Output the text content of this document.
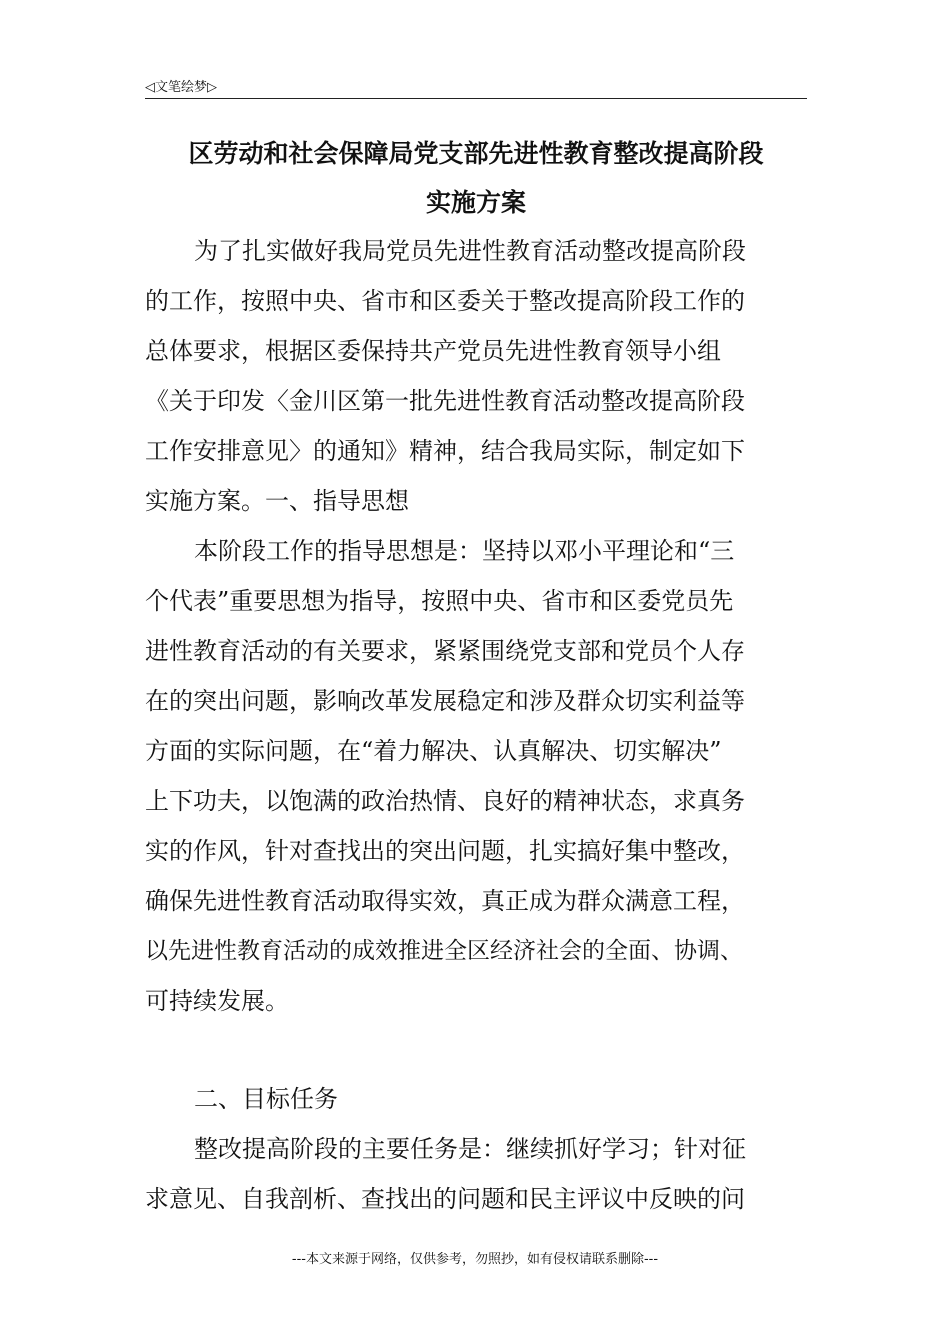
◁文笔绘梦▷
区劳动和社会保障局党支部先进性教育整改提高阶段
实施方案
为了扎实做好我局党员先进性教育活动整改提高阶段
的工作，按照中央、省市和区委关于整改提高阶段工作的
总体要求，根据区委保持共产党员先进性教育领导小组
《关于印发〈金川区第一批先进性教育活动整改提高阶段
工作安排意见〉的通知》精神，结合我局实际，制定如下
实施方案。一、指导思想
本阶段工作的指导思想是：坚持以邓小平理论和“三
个代表”重要思想为指导，按照中央、省市和区委党员先
进性教育活动的有关要求，紧紧围绕党支部和党员个人存
在的突出问题，影响改革发展稳定和涉及群众切实利益等
方面的实际问题，在“着力解决、认真解决、切实解决”
上下功夫，以饱满的政治热情、良好的精神状态，求真务
实的作风，针对查找出的突出问题，扎实搞好集中整改，
确保先进性教育活动取得实效，真正成为群众满意工程，
以先进性教育活动的成效推进全区经济社会的全面、协调、
可持续发展。
二、目标任务
整改提高阶段的主要任务是：继续抓好学习；针对征
求意见、自我剖析、查找出的问题和民主评议中反映的问
---本文来源于网络，仅供参考，勿照抄，如有侵权请联系删除---
